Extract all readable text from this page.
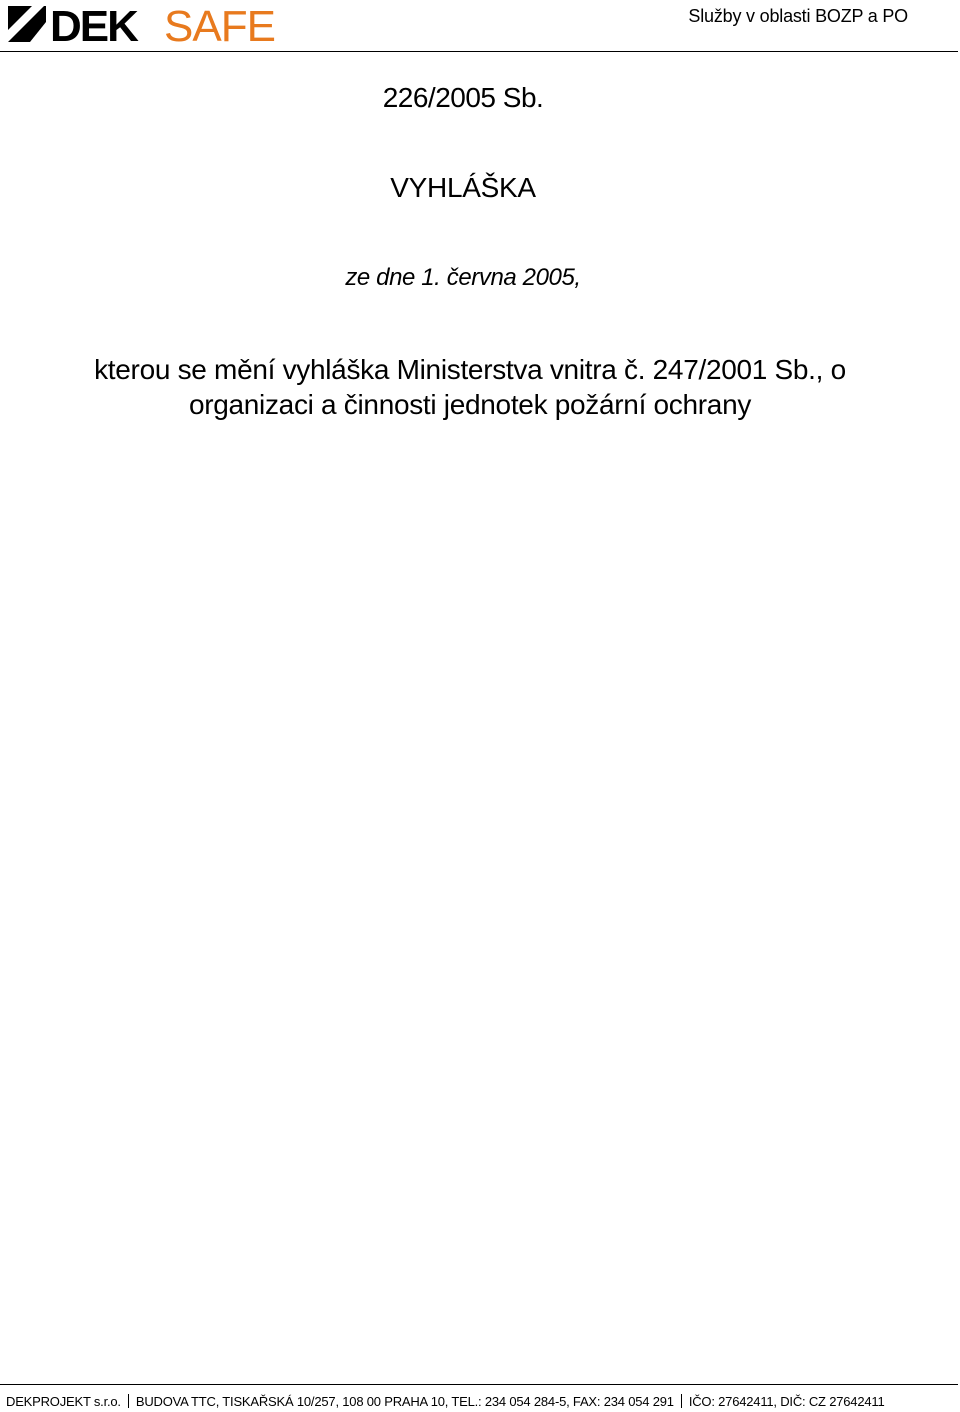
DEK SAFE	Služby v oblasti BOZP a PO
226/2005 Sb.
VYHLÁŠKA
ze dne 1. června 2005,
kterou se mění vyhláška Ministerstva vnitra č. 247/2001 Sb., o organizaci a činnosti jednotek požární ochrany
DEKPROJEKT s.r.o. BUDOVA TTC, TISKAŘSKÁ 10/257, 108 00 PRAHA 10, TEL.: 234 054 284-5, FAX: 234 054 291 IČO: 27642411, DIČ: CZ 27642411
